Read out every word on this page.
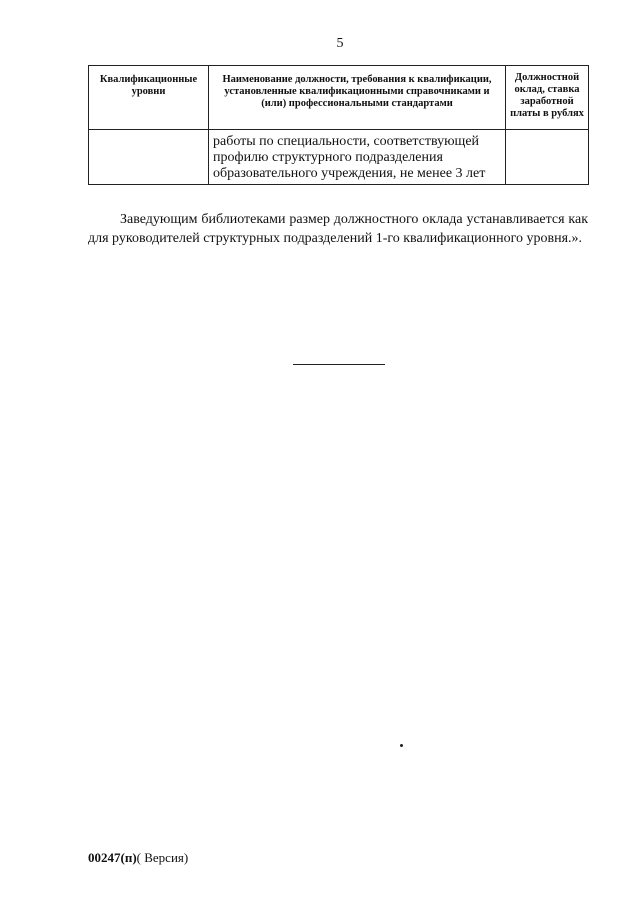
5
Квалификационные уровни	Наименование должности, требования к квалификации, установленные квалификационными справочниками и (или) профессиональными стандартами	Должностной оклад, ставка заработной платы в рублях
	работы по специальности, соответствующей профилю структурного подразделения образовательного учреждения, не менее 3 лет	

Заведующим библиотеками размер должностного оклада устанавливается как для руководителей структурных подразделений 1-го квалификационного уровня.».

00247(п)( Версия)
